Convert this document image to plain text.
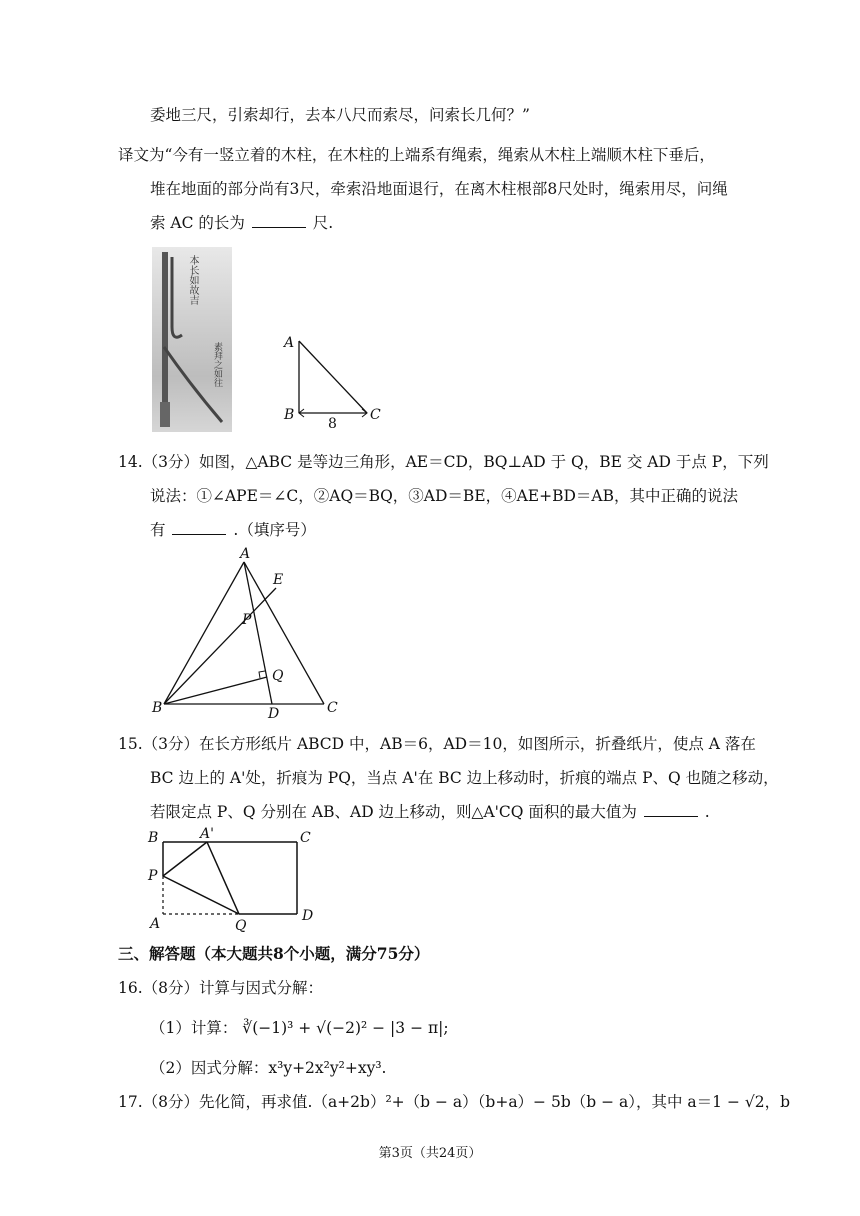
委地三尺，引索却行，去本八尺而索尽，问索长几何？”
译文为“今有一竖立着的木柱，在木柱的上端系有绳索，绳索从木柱上端顺木柱下垂后，
堆在地面的部分尚有3尺，牵索沿地面退行，在离木柱根部8尺处时，绳索用尽，问绳
索 AC 的长为	尺.
本长如故吉
素拜之如往	A
B	C
8
14.（3分）如图，△ABC 是等边三角形，AE＝CD，BQ⊥AD 于 Q，BE 交 AD 于点 P，下列
说法：①∠APE＝∠C，②AQ＝BQ，③AD＝BE，④AE+BD＝AB，其中正确的说法
有	.（填序号）
A
B	C
D
E
P
Q
15.（3分）在长方形纸片 ABCD 中，AB＝6，AD＝10，如图所示，折叠纸片，使点 A 落在
BC 边上的 A'处，折痕为 PQ，当点 A'在 BC 边上移动时，折痕的端点 P、Q 也随之移动，
若限定点 P、Q 分别在 AB、AD 边上移动，则△A'CQ 面积的最大值为	.
B	A'	C
P
A	Q
D
三、解答题（本大题共8个小题，满分75分）
16.（8分）计算与因式分解：
（1）计算： ∛(−1)³ + √(−2)² − |3 − π|;
（2）因式分解：x³y+2x²y²+xy³.
17.（8分）先化简，再求值.（a+2b）²+（b − a）（b+a）− 5b（b − a），其中 a＝1 − √2，b
第3页（共24页）
